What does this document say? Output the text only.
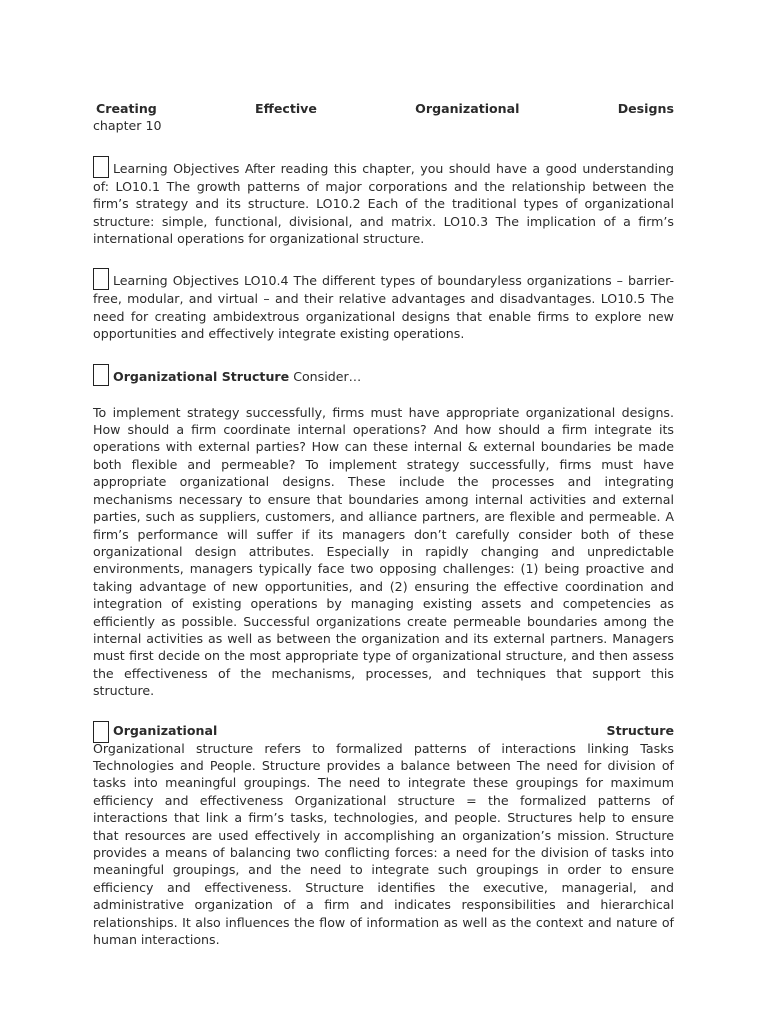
Creating	Effective	Organizational	Designs

chapter 10

Learning Objectives After reading this chapter, you should have a good understanding of: LO10.1 The growth patterns of major corporations and the relationship between the firm’s strategy and its structure. LO10.2 Each of the traditional types of organizational structure: simple, functional, divisional, and matrix. LO10.3 The implication of a firm’s international operations for organizational structure.

Learning Objectives LO10.4 The different types of boundaryless organizations – barrier-free, modular, and virtual – and their relative advantages and disadvantages. LO10.5 The need for creating ambidextrous organizational designs that enable firms to explore new opportunities and effectively integrate existing operations.

Organizational Structure Consider…

To implement strategy successfully, firms must have appropriate organizational designs. How should a firm coordinate internal operations? And how should a firm integrate its operations with external parties? How can these internal & external boundaries be made both flexible and permeable? To implement strategy successfully, firms must have appropriate organizational designs. These include the processes and integrating mechanisms necessary to ensure that boundaries among internal activities and external parties, such as suppliers, customers, and alliance partners, are flexible and permeable. A firm’s performance will suffer if its managers don’t carefully consider both of these organizational design attributes. Especially in rapidly changing and unpredictable environments, managers typically face two opposing challenges: (1) being proactive and taking advantage of new opportunities, and (2) ensuring the effective coordination and integration of existing operations by managing existing assets and competencies as efficiently as possible. Successful organizations create permeable boundaries among the internal activities as well as between the organization and its external partners. Managers must first decide on the most appropriate type of organizational structure, and then assess the effectiveness of the mechanisms, processes, and techniques that support this structure.

Organizational	Structure

Organizational structure refers to formalized patterns of interactions linking Tasks Technologies and People. Structure provides a balance between The need for division of tasks into meaningful groupings. The need to integrate these groupings for maximum efficiency and effectiveness Organizational structure = the formalized patterns of interactions that link a firm’s tasks, technologies, and people. Structures help to ensure that resources are used effectively in accomplishing an organization’s mission. Structure provides a means of balancing two conflicting forces: a need for the division of tasks into meaningful groupings, and the need to integrate such groupings in order to ensure efficiency and effectiveness. Structure identifies the executive, managerial, and administrative organization of a firm and indicates responsibilities and hierarchical relationships. It also influences the flow of information as well as the context and nature of human interactions.
